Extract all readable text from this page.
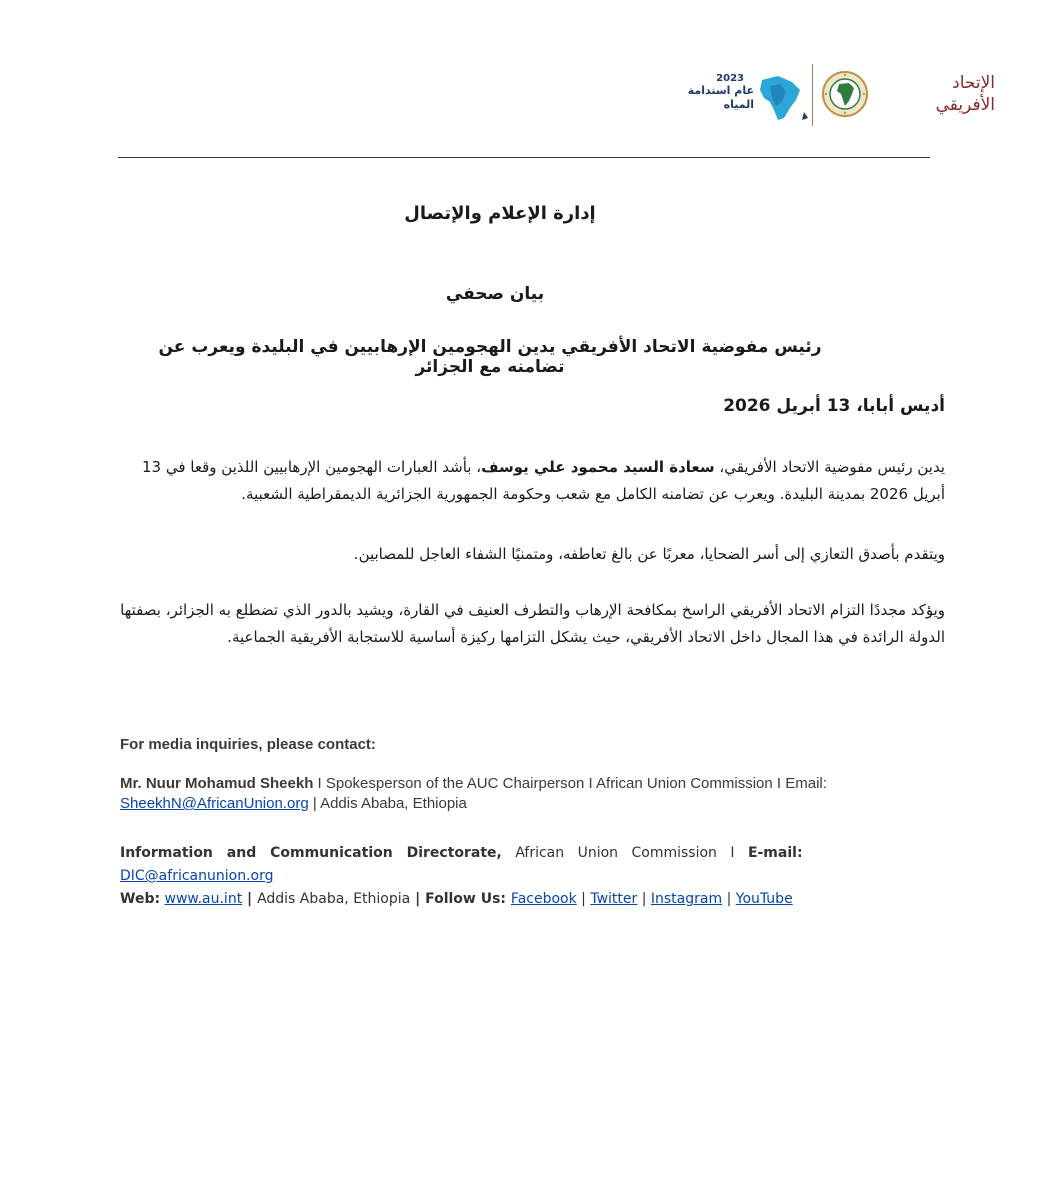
الإتحاد
الأفريقي
2023
عام استدامة
المياه
إدارة الإعلام والإتصال
بيان صحفي
رئيس مفوضية الاتحاد الأفريقي يدين الهجومين الإرهابيين في البليدة ويعرب عن تضامنه مع الجزائر
أديس أبابا، 13 أبريل 2026
يدين رئيس مفوضية الاتحاد الأفريقي، سعادة السيد محمود علي يوسف، بأشد العبارات الهجومين الإرهابيين اللذين وقعا في 13 أبريل 2026 بمدينة البليدة. ويعرب عن تضامنه الكامل مع شعب وحكومة الجمهورية الجزائرية الديمقراطية الشعبية.
ويتقدم بأصدق التعازي إلى أسر الضحايا، معربًا عن بالغ تعاطفه، ومتمنيًا الشفاء العاجل للمصابين.
ويؤكد مجددًا التزام الاتحاد الأفريقي الراسخ بمكافحة الإرهاب والتطرف العنيف في القارة، ويشيد بالدور الذي تضطلع به الجزائر، بصفتها الدولة الرائدة في هذا المجال داخل الاتحاد الأفريقي، حيث يشكل التزامها ركيزة أساسية للاستجابة الأفريقية الجماعية.
For media inquiries, please contact:
Mr. Nuur Mohamud Sheekh I Spokesperson of the AUC Chairperson I African Union Commission I Email:
SheekhN@AfricanUnion.org | Addis Ababa, Ethiopia
Information and Communication Directorate, African Union Commission I E-mail: DIC@africanunion.org
Web: www.au.int | Addis Ababa, Ethiopia | Follow Us: Facebook | Twitter | Instagram | YouTube
